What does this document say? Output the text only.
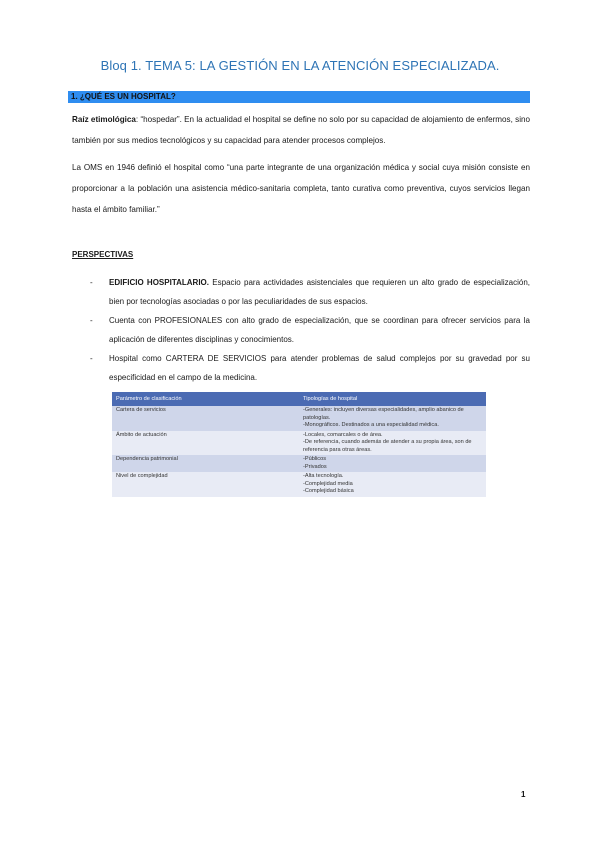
Bloq 1. TEMA 5: LA GESTIÓN EN LA ATENCIÓN ESPECIALIZADA.
1. ¿QUÉ ES UN HOSPITAL?
Raíz etimológica: “hospedar”. En la actualidad el hospital se define no solo por su capacidad de alojamiento de enfermos, sino también por sus medios tecnológicos y su capacidad para atender procesos complejos.
La OMS en 1946 definió el hospital como “una parte integrante de una organización médica y social cuya misión consiste en proporcionar a la población una asistencia médico-sanitaria completa, tanto curativa como preventiva, cuyos servicios llegan hasta el ámbito familiar.”
PERSPECTIVAS
- EDIFICIO HOSPITALARIO. Espacio para actividades asistenciales que requieren un alto grado de especialización, bien por tecnologías asociadas o por las peculiaridades de sus espacios.
- Cuenta con PROFESIONALES con alto grado de especialización, que se coordinan para ofrecer servicios para la aplicación de diferentes disciplinas y conocimientos.
- Hospital como CARTERA DE SERVICIOS para atender problemas de salud complejos por su gravedad por su especificidad en el campo de la medicina.
Parámetro de clasificación	Tipologías de hospital
Cartera de servicios	-Generales: incluyen diversas especialidades, amplio abanico de patologías.
-Monográficos. Destinados a una especialidad médica.

Ámbito de actuación	-Locales, comarcales o de área.
-De referencia, cuando además de atender a su propia área, son de referencia para otras áreas.

Dependencia patrimonial	-Públicos
-Privados

Nivel de complejidad	-Alta tecnología.
-Complejidad media
-Complejidad básica
1
